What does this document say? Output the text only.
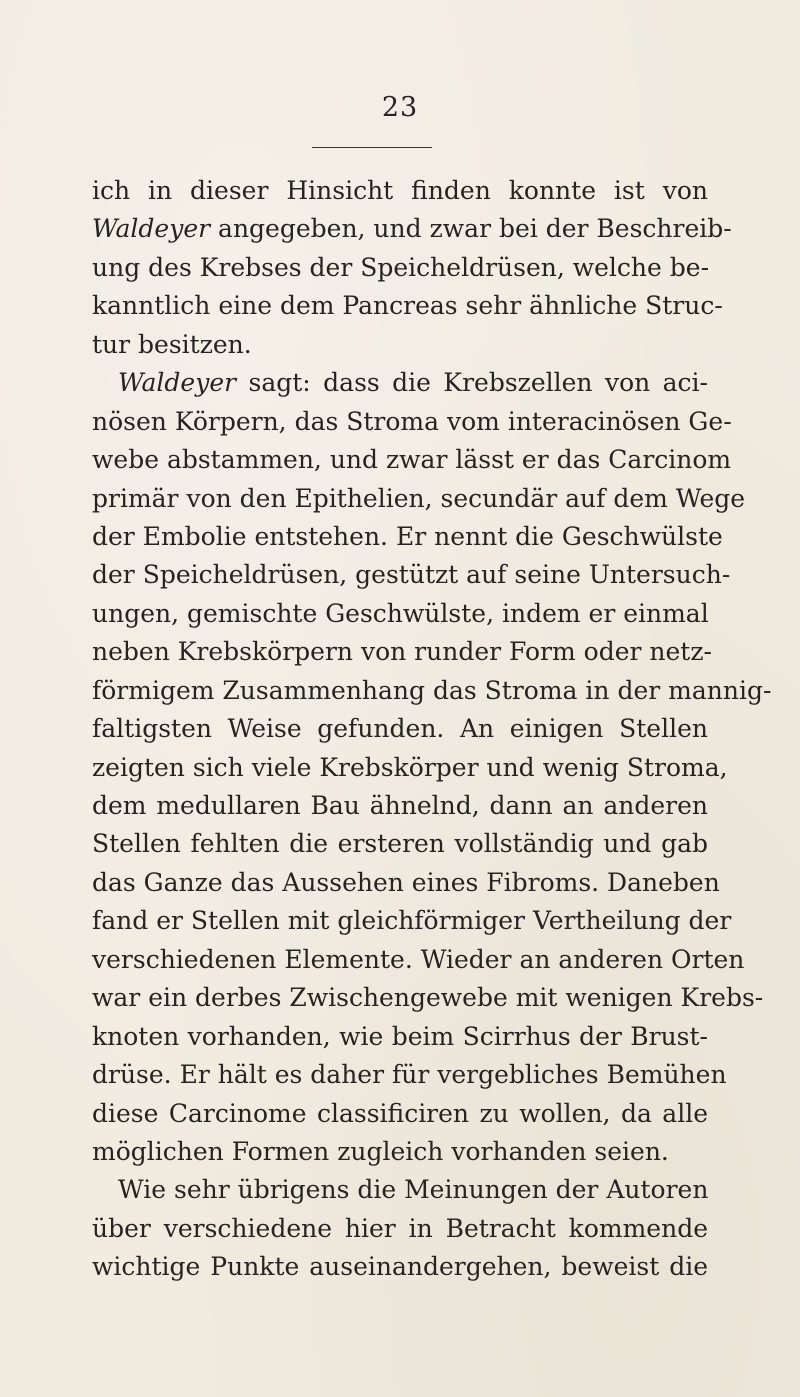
23
ich in dieser Hinsicht finden konnte ist von
Waldeyer angegeben, und zwar bei der Beschreib-
ung des Krebses der Speicheldrüsen, welche be-
kanntlich eine dem Pancreas sehr ähnliche Struc-
tur besitzen.
Waldeyer sagt: dass die Krebszellen von aci-
nösen Körpern, das Stroma vom interacinösen Ge-
webe abstammen, und zwar lässt er das Carcinom
primär von den Epithelien, secundär auf dem Wege
der Embolie entstehen. Er nennt die Geschwülste
der Speicheldrüsen, gestützt auf seine Untersuch-
ungen, gemischte Geschwülste, indem er einmal
neben Krebskörpern von runder Form oder netz-
förmigem Zusammenhang das Stroma in der mannig-
faltigsten Weise gefunden. An einigen Stellen
zeigten sich viele Krebskörper und wenig Stroma,
dem medullaren Bau ähnelnd, dann an anderen
Stellen fehlten die ersteren vollständig und gab
das Ganze das Aussehen eines Fibroms. Daneben
fand er Stellen mit gleichförmiger Vertheilung der
verschiedenen Elemente. Wieder an anderen Orten
war ein derbes Zwischengewebe mit wenigen Krebs-
knoten vorhanden, wie beim Scirrhus der Brust-
drüse. Er hält es daher für vergebliches Bemühen
diese Carcinome classificiren zu wollen, da alle
möglichen Formen zugleich vorhanden seien.
Wie sehr übrigens die Meinungen der Autoren
über verschiedene hier in Betracht kommende
wichtige Punkte auseinandergehen, beweist die
